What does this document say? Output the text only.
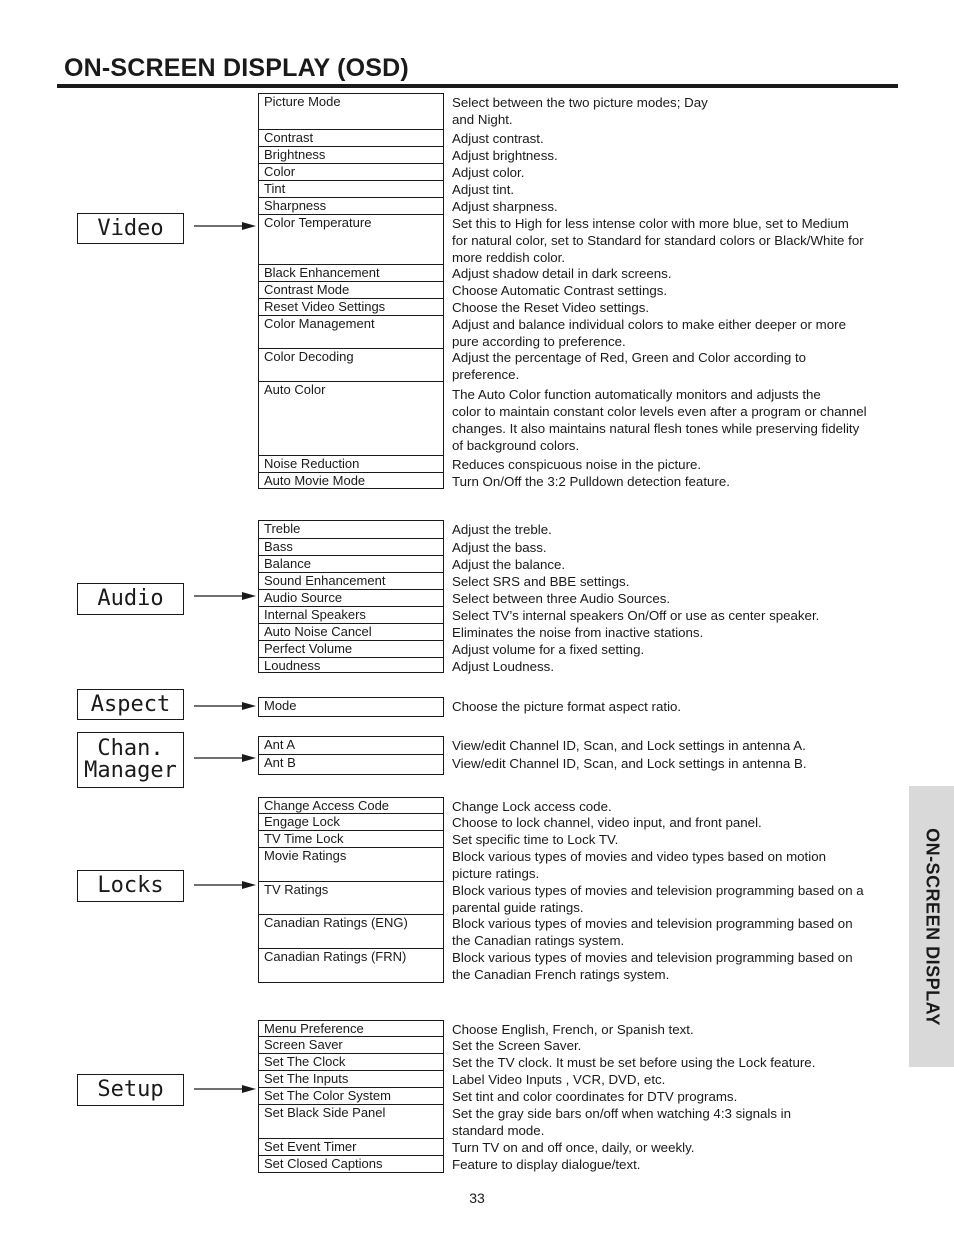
ON-SCREEN DISPLAY (OSD)
Video
Picture Mode	Select between the two picture modes; Day
and Night.
Contrast	Adjust contrast.
Brightness	Adjust brightness.
Color	Adjust color.
Tint	Adjust tint.
Sharpness	Adjust sharpness.
Color Temperature	Set this to High for less intense color with more blue, set to Medium
for natural color, set to Standard for standard colors or Black/White for
more reddish color.
Black Enhancement	Adjust shadow detail in dark screens.
Contrast Mode	Choose Automatic Contrast settings.
Reset Video Settings	Choose the Reset Video settings.
Color Management	Adjust and balance individual colors to make either deeper or more
pure according to preference.
Color Decoding	Adjust the percentage of Red, Green and Color according to
preference.
Auto Color	The Auto Color function automatically monitors and adjusts the
color to maintain constant color levels even after a program or channel
changes. It also maintains natural flesh tones while preserving fidelity
of background colors.
Noise Reduction	Reduces conspicuous noise in the picture.
Auto Movie Mode	Turn On/Off the 3:2 Pulldown detection feature.
Audio
Treble	Adjust the treble.
Bass	Adjust the bass.
Balance	Adjust the balance.
Sound Enhancement	Select SRS and BBE settings.
Audio Source	Select between three Audio Sources.
Internal Speakers	Select TV’s internal speakers On/Off or use as center speaker.
Auto Noise Cancel	Eliminates the noise from inactive stations.
Perfect Volume	Adjust volume for a fixed setting.
Loudness	Adjust Loudness.
Aspect	Mode	Choose the picture format aspect ratio.
Chan.
Manager
Ant A	View/edit Channel ID, Scan, and Lock settings in antenna A.
Ant B	View/edit Channel ID, Scan, and Lock settings in antenna B.
Locks
Change Access Code	Change Lock access code.
Engage Lock	Choose to lock channel, video input, and front panel.
TV Time Lock	Set specific time to Lock TV.
Movie Ratings	Block various types of movies and video types based on motion
picture ratings.
TV Ratings	Block various types of movies and television programming based on a
parental guide ratings.
Canadian Ratings (ENG)	Block various types of movies and television programming based on
the Canadian ratings system.
Canadian Ratings (FRN)	Block various types of movies and television programming based on
the Canadian French ratings system.
Setup
Menu Preference	Choose English, French, or Spanish text.
Screen Saver	Set the Screen Saver.
Set The Clock	Set the TV clock. It must be set before using the Lock feature.
Set The Inputs	Label Video Inputs , VCR, DVD, etc.
Set The Color System	Set tint and color coordinates for DTV programs.
Set Black Side Panel	Set the gray side bars on/off when watching 4:3 signals in
standard mode.
Set Event Timer	Turn TV on and off once, daily, or weekly.
Set Closed Captions	Feature to display dialogue/text.
ON-SCREEN DISPLAY
33
